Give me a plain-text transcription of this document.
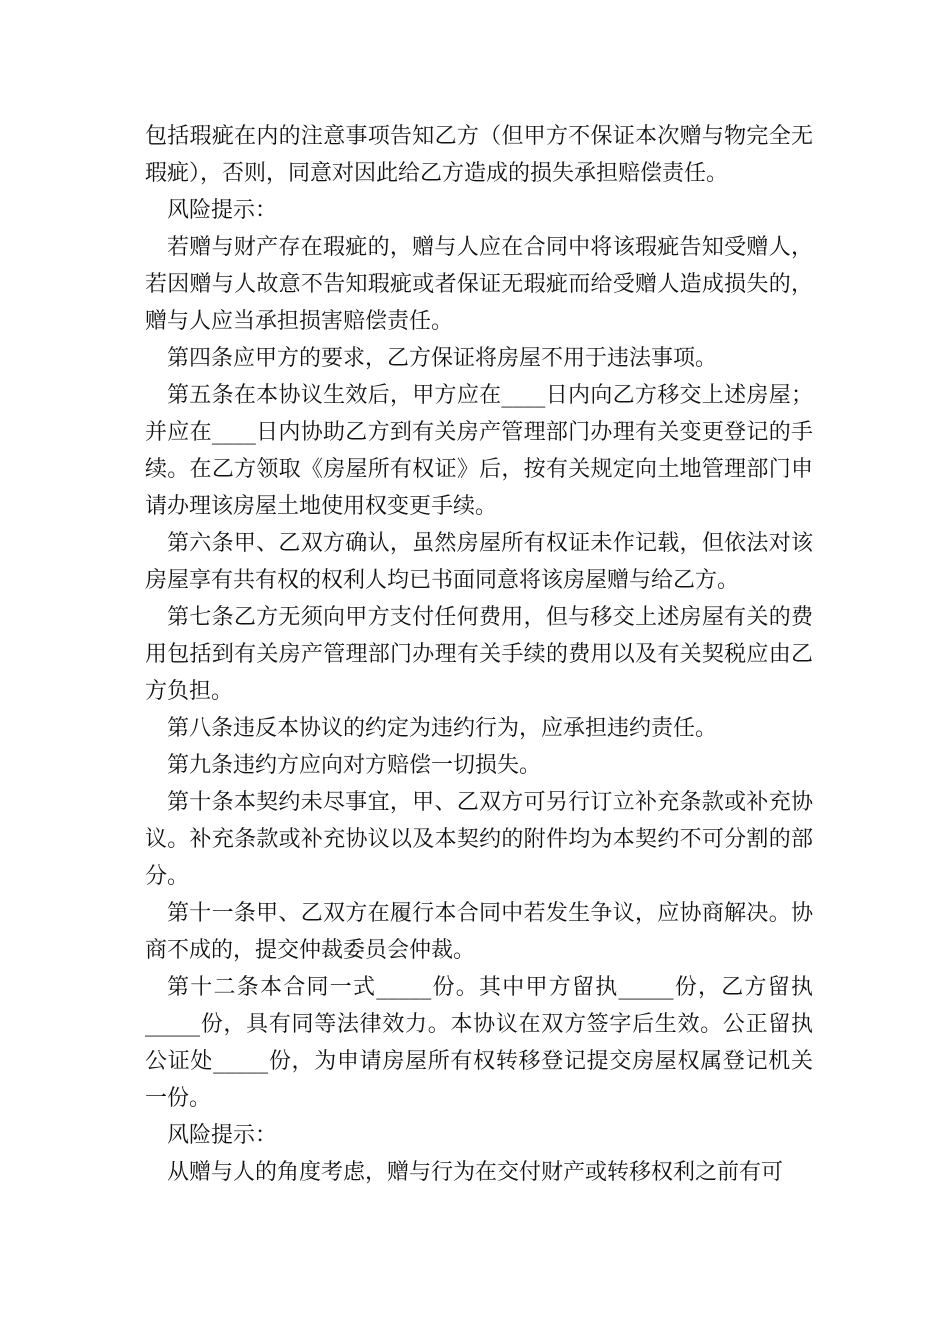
包括瑕疵在内的注意事项告知乙方（但甲方不保证本次赠与物完全无瑕疵），否则，同意对因此给乙方造成的损失承担赔偿责任。

风险提示：

若赠与财产存在瑕疵的，赠与人应在合同中将该瑕疵告知受赠人，若因赠与人故意不告知瑕疵或者保证无瑕疵而给受赠人造成损失的，赠与人应当承担损害赔偿责任。

第四条应甲方的要求，乙方保证将房屋不用于违法事项。

第五条在本协议生效后，甲方应在____日内向乙方移交上述房屋；并应在____日内协助乙方到有关房产管理部门办理有关变更登记的手续。在乙方领取《房屋所有权证》后，按有关规定向土地管理部门申请办理该房屋土地使用权变更手续。

第六条甲、乙双方确认，虽然房屋所有权证未作记载，但依法对该房屋享有共有权的权利人均已书面同意将该房屋赠与给乙方。

第七条乙方无须向甲方支付任何费用，但与移交上述房屋有关的费用包括到有关房产管理部门办理有关手续的费用以及有关契税应由乙方负担。

第八条违反本协议的约定为违约行为，应承担违约责任。

第九条违约方应向对方赔偿一切损失。

第十条本契约未尽事宜，甲、乙双方可另行订立补充条款或补充协议。补充条款或补充协议以及本契约的附件均为本契约不可分割的部分。

第十一条甲、乙双方在履行本合同中若发生争议，应协商解决。协商不成的，提交仲裁委员会仲裁。

第十二条本合同一式_____份。其中甲方留执_____份，乙方留执_____份，具有同等法律效力。本协议在双方签字后生效。公正留执公证处_____份，为申请房屋所有权转移登记提交房屋权属登记机关一份。

风险提示：

从赠与人的角度考虑，赠与行为在交付财产或转移权利之前有可
